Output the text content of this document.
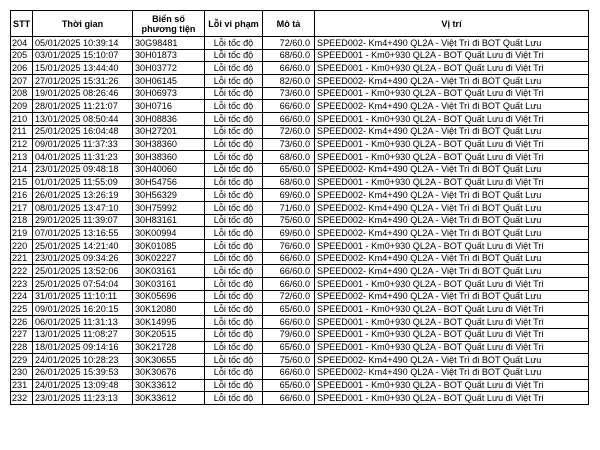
STT	Thời gian	Biển số
phương tiện	Lỗi vi phạm	Mô tả	Vị trí
204	05/01/2025 10:39:14	30G98481	Lỗi tốc độ	72/60.0	SPEED002- Km4+490 QL2A - Việt Trì đi BOT Quất Lưu
205	03/01/2025 15:10:07	30H01873	Lỗi tốc độ	68/60.0	SPEED001 - Km0+930 QL2A - BOT Quất Lưu đi Việt Trì
206	15/01/2025 13:44:40	30H03772	Lỗi tốc độ	66/60.0	SPEED001 - Km0+930 QL2A - BOT Quất Lưu đi Việt Trì
207	27/01/2025 15:31:26	30H06145	Lỗi tốc độ	82/60.0	SPEED002- Km4+490 QL2A - Việt Trì đi BOT Quất Lưu
208	19/01/2025 08:26:46	30H06973	Lỗi tốc độ	73/60.0	SPEED001 - Km0+930 QL2A - BOT Quất Lưu đi Việt Trì
209	28/01/2025 11:21:07	30H0716	Lỗi tốc độ	66/60.0	SPEED002- Km4+490 QL2A - Việt Trì đi BOT Quất Lưu
210	13/01/2025 08:50:44	30H08836	Lỗi tốc độ	66/60.0	SPEED001 - Km0+930 QL2A - BOT Quất Lưu đi Việt Trì
211	25/01/2025 16:04:48	30H27201	Lỗi tốc độ	72/60.0	SPEED002- Km4+490 QL2A - Việt Trì đi BOT Quất Lưu
212	09/01/2025 11:37:33	30H38360	Lỗi tốc độ	73/60.0	SPEED001 - Km0+930 QL2A - BOT Quất Lưu đi Việt Trì
213	04/01/2025 11:31:23	30H38360	Lỗi tốc độ	68/60.0	SPEED001 - Km0+930 QL2A - BOT Quất Lưu đi Việt Trì
214	23/01/2025 09:48:18	30H40060	Lỗi tốc độ	65/60.0	SPEED002- Km4+490 QL2A - Việt Trì đi BOT Quất Lưu
215	01/01/2025 11:55:09	30H54756	Lỗi tốc độ	68/60.0	SPEED001 - Km0+930 QL2A - BOT Quất Lưu đi Việt Trì
216	26/01/2025 13:26:19	30H56329	Lỗi tốc độ	69/60.0	SPEED002- Km4+490 QL2A - Việt Trì đi BOT Quất Lưu
217	08/01/2025 13:47:10	30H75992	Lỗi tốc độ	71/60.0	SPEED002- Km4+490 QL2A - Việt Trì đi BOT Quất Lưu
218	29/01/2025 11:39:07	30H83161	Lỗi tốc độ	75/60.0	SPEED002- Km4+490 QL2A - Việt Trì đi BOT Quất Lưu
219	07/01/2025 13:16:55	30K00994	Lỗi tốc độ	69/60.0	SPEED002- Km4+490 QL2A - Việt Trì đi BOT Quất Lưu
220	25/01/2025 14:21:40	30K01085	Lỗi tốc độ	76/60.0	SPEED001 - Km0+930 QL2A - BOT Quất Lưu đi Việt Trì
221	23/01/2025 09:34:26	30K02227	Lỗi tốc độ	66/60.0	SPEED002- Km4+490 QL2A - Việt Trì đi BOT Quất Lưu
222	25/01/2025 13:52:06	30K03161	Lỗi tốc độ	66/60.0	SPEED002- Km4+490 QL2A - Việt Trì đi BOT Quất Lưu
223	25/01/2025 07:54:04	30K03161	Lỗi tốc độ	66/60.0	SPEED001 - Km0+930 QL2A - BOT Quất Lưu đi Việt Trì
224	31/01/2025 11:10:11	30K05696	Lỗi tốc độ	72/60.0	SPEED002- Km4+490 QL2A - Việt Trì đi BOT Quất Lưu
225	09/01/2025 16:20:15	30K12080	Lỗi tốc độ	65/60.0	SPEED001 - Km0+930 QL2A - BOT Quất Lưu đi Việt Trì
226	06/01/2025 11:31:13	30K14995	Lỗi tốc độ	66/60.0	SPEED001 - Km0+930 QL2A - BOT Quất Lưu đi Việt Trì
227	13/01/2025 11:08:27	30K20515	Lỗi tốc độ	79/60.0	SPEED001 - Km0+930 QL2A - BOT Quất Lưu đi Việt Trì
228	18/01/2025 09:14:16	30K21728	Lỗi tốc độ	65/60.0	SPEED001 - Km0+930 QL2A - BOT Quất Lưu đi Việt Trì
229	24/01/2025 10:28:23	30K30655	Lỗi tốc độ	75/60.0	SPEED002- Km4+490 QL2A - Việt Trì đi BOT Quất Lưu
230	26/01/2025 15:39:53	30K30676	Lỗi tốc độ	66/60.0	SPEED002- Km4+490 QL2A - Việt Trì đi BOT Quất Lưu
231	24/01/2025 13:09:48	30K33612	Lỗi tốc độ	65/60.0	SPEED001 - Km0+930 QL2A - BOT Quất Lưu đi Việt Trì
232	23/01/2025 11:23:13	30K33612	Lỗi tốc độ	66/60.0	SPEED001 - Km0+930 QL2A - BOT Quất Lưu đi Việt Trì
